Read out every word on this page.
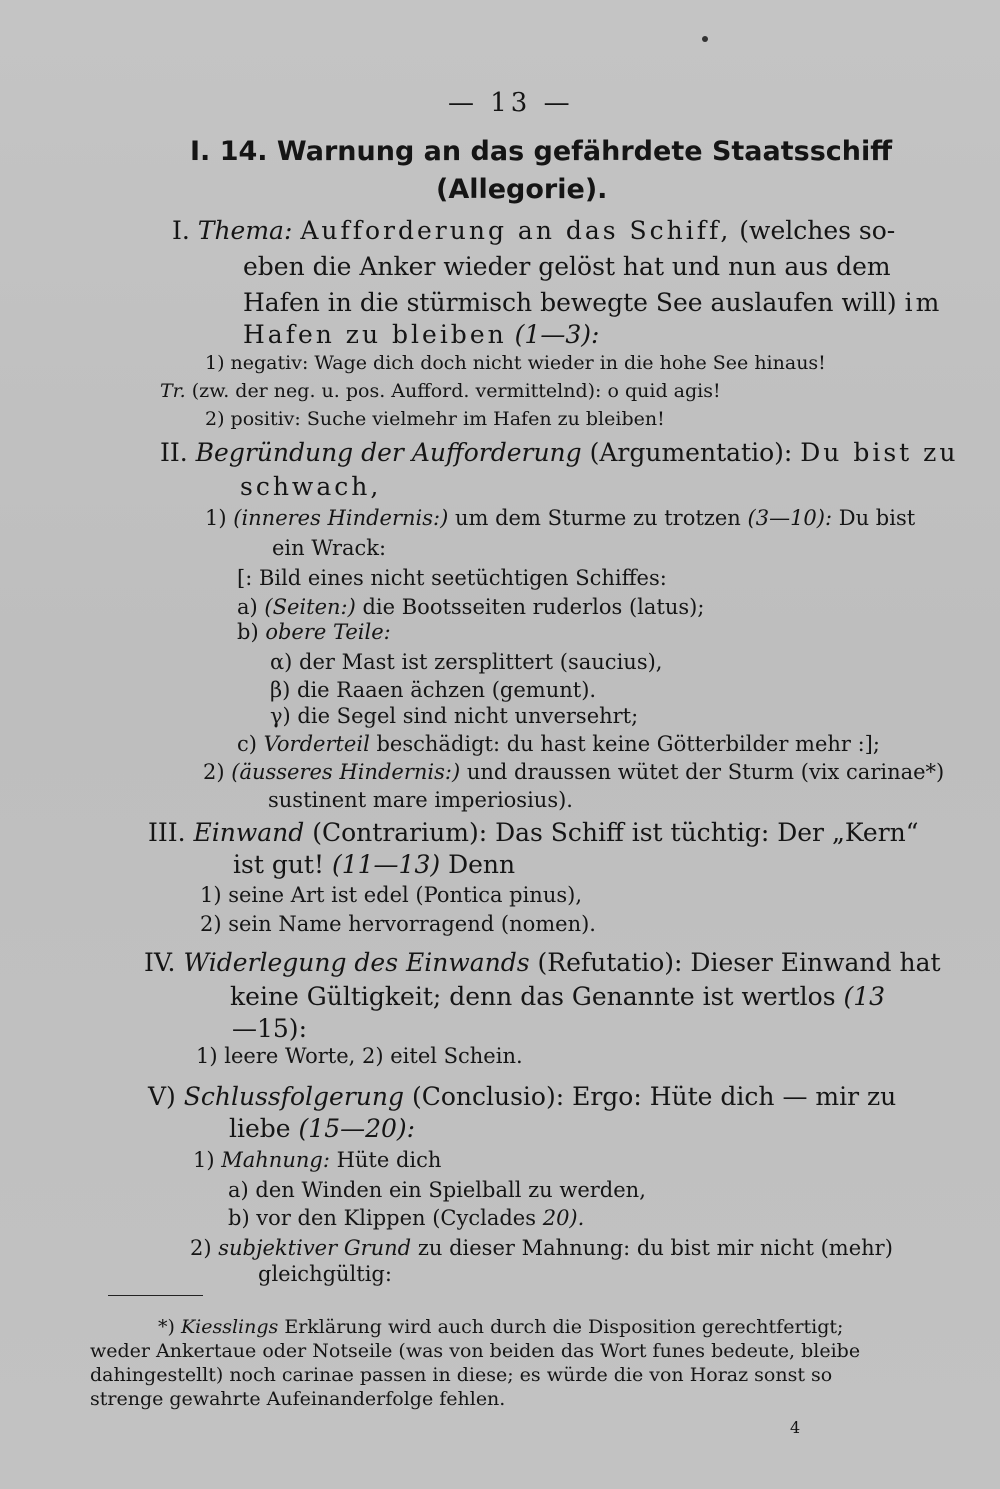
— 13 —
I. 14. Warnung an das gefährdete Staatsschiff
(Allegorie).
I. Thema: Aufforderung an das Schiff, (welches so-
eben die Anker wieder gelöst hat und nun aus dem
Hafen in die stürmisch bewegte See auslaufen will) im
Hafen zu bleiben (1—3):
1) negativ: Wage dich doch nicht wieder in die hohe See hinaus!
Tr. (zw. der neg. u. pos. Aufford. vermittelnd): o quid agis!
2) positiv: Suche vielmehr im Hafen zu bleiben!
II. Begründung der Aufforderung (Argumentatio): Du bist zu
schwach,
1) (inneres Hindernis:) um dem Sturme zu trotzen (3—10): Du bist
ein Wrack:
[: Bild eines nicht seetüchtigen Schiffes:
a) (Seiten:) die Bootsseiten ruderlos (latus);
b) obere Teile:
α) der Mast ist zersplittert (saucius),
β) die Raaen ächzen (gemunt).
γ) die Segel sind nicht unversehrt;
c) Vorderteil beschädigt: du hast keine Götterbilder mehr :];
2) (äusseres Hindernis:) und draussen wütet der Sturm (vix carinae*)
sustinent mare imperiosius).
III. Einwand (Contrarium): Das Schiff ist tüchtig: Der „Kern“
ist gut! (11—13) Denn
1) seine Art ist edel (Pontica pinus),
2) sein Name hervorragend (nomen).
IV. Widerlegung des Einwands (Refutatio): Dieser Einwand hat
keine Gültigkeit; denn das Genannte ist wertlos (13
—15):
1) leere Worte, 2) eitel Schein.
V) Schlussfolgerung (Conclusio): Ergo: Hüte dich — mir zu
liebe (15—20):
1) Mahnung: Hüte dich
a) den Winden ein Spielball zu werden,
b) vor den Klippen (Cyclades 20).
2) subjektiver Grund zu dieser Mahnung: du bist mir nicht (mehr)
gleichgültig:
*) Kiesslings Erklärung wird auch durch die Disposition gerechtfertigt;
weder Ankertaue oder Notseile (was von beiden das Wort funes bedeute, bleibe
dahingestellt) noch carinae passen in diese; es würde die von Horaz sonst so
strenge gewahrte Aufeinanderfolge fehlen.
4
